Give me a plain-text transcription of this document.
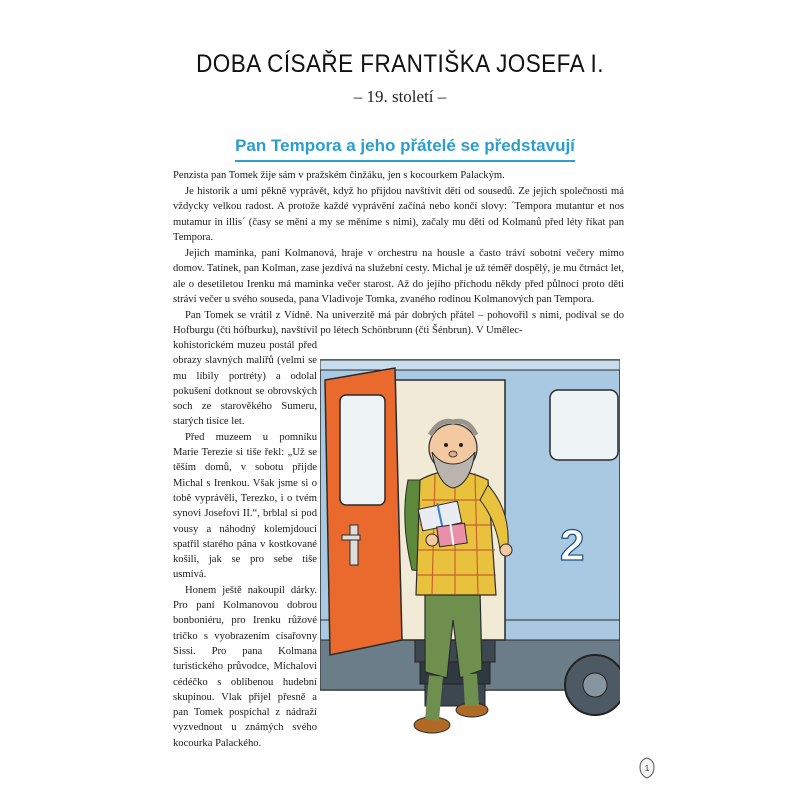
DOBA CÍSAŘE FRANTIŠKA JOSEFA I.
– 19. století –
Pan Tempora a jeho přátelé se představují

Penzista pan Tomek žije sám v pražském činžáku, jen s kocourkem Palackým.

Je historik a umí pěkně vyprávět, když ho přijdou navštívit děti od sousedů. Ze jejich společnosti má vždycky velkou radost. A protože každé vyprávění začíná nebo končí slovy: ´Tempora mutantur et nos mutamur in illis´ (časy se mění a my se měníme s nimi), začaly mu děti od Kolmanů před léty říkat pan Tempora.

Jejich maminka, paní Kolmanová, hraje v orchestru na housle a často tráví sobotní večery mimo domov. Tatínek, pan Kolman, zase jezdívá na služební cesty. Michal je už téměř dospělý, je mu čtrnáct let, ale o desetiletou Irenku má maminka večer starost. Až do jejího příchodu někdy před půlnocí proto děti stráví večer u svého souseda, pana Vladivoje Tomka, zvaného rodinou Kolmanových pan Tempora.

Pan Tomek se vrátil z Vídně. Na univerzitě má pár dobrých přátel – pohovořil s nimi, podíval se do Hofburgu (čti hófburku), navštívil po létech Schönbrunn (čti Šénbrun). V Umělec-

kohistorickém muzeu postál před obrazy slavných malířů (velmi se mu líbily portréty) a odolal pokušení dotknout se obrovských soch ze starověkého Sumeru, starých tisíce let.

Před muzeem u pomníku Marie Terezie si tiše řekl: „Už se těším domů, v sobotu přijde Michal s Irenkou. Však jsme si o tobě vyprávěli, Terezko, i o tvém synovi Josefovi II.“, brblal si pod vousy a náhodný kolemjdoucí spatřil starého pána v kostkované košili, jak se pro sebe tiše usmívá.

Honem ještě nakoupil dárky. Pro paní Kolmanovou dobrou bonboniéru, pro Irenku růžové tričko s vyobrazením císařovny Sissi. Pro pana Kolmana turistického průvodce, Michalovi cédéčko s oblíbenou hudební skupinou. Vlak přijel přesně a pan Tomek pospíchal z nádraží vyzvednout u známých svého kocourka Palackého.

2
1
